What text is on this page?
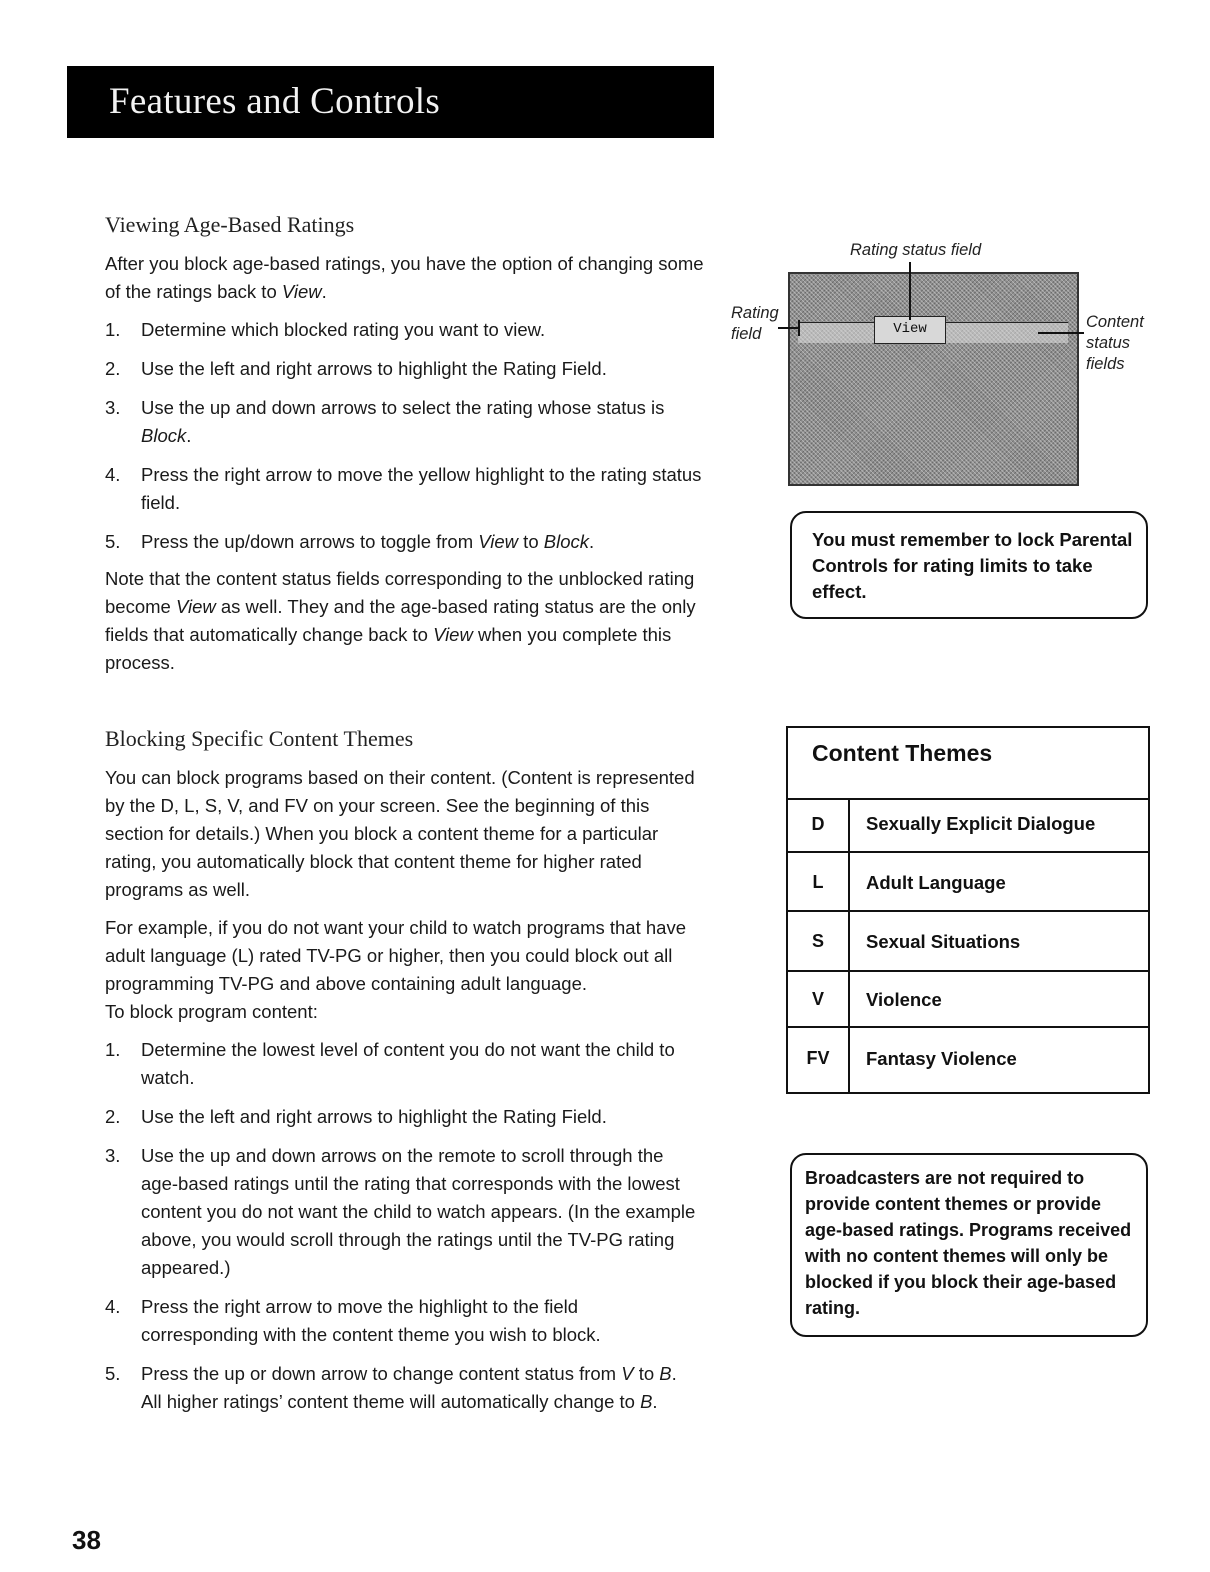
Features and Controls
Viewing Age-Based Ratings

After you block age-based ratings, you have the option of changing some of the ratings back to View.

1. Determine which blocked rating you want to view.
2. Use the left and right arrows to highlight the Rating Field.
3. Use the up and down arrows to select the rating whose status is Block.
4. Press the right arrow to move the yellow highlight to the rating status field.
5. Press the up/down arrows to toggle from View to Block.

Note that the content status fields corresponding to the unblocked rating become View as well. They and the age-based rating status are the only fields that automatically change back to View when you complete this process.

Blocking Specific Content Themes

You can block programs based on their content. (Content is represented by the D, L, S, V, and FV on your screen. See the beginning of this section for details.) When you block a content theme for a particular rating, you automatically block that content theme for higher rated programs as well.

For example, if you do not want your child to watch programs that have adult language (L) rated TV-PG or higher, then you could block out all programming TV-PG and above containing adult language.

To block program content:

1. Determine the lowest level of content you do not want the child to watch.
2. Use the left and right arrows to highlight the Rating Field.
3. Use the up and down arrows on the remote to scroll through the age-based ratings until the rating that corresponds with the lowest content you do not want the child to watch appears. (In the example above, you would scroll through the ratings until the TV-PG rating appeared.)
4. Press the right arrow to move the highlight to the field corresponding with the content theme you wish to block.
5. Press the up or down arrow to change content status from V to B. All higher ratings’ content theme will automatically change to B.
Rating status field
Rating
field
Content
status
fields
View
You must remember to lock Parental Controls for rating limits to take effect.
Content Themes
D	Sexually Explicit Dialogue
L	Adult Language
S	Sexual Situations
V	Violence
FV	Fantasy Violence
Broadcasters are not required to provide content themes or provide age-based ratings. Programs received with no content themes will only be blocked if you block their age-based rating.
38
